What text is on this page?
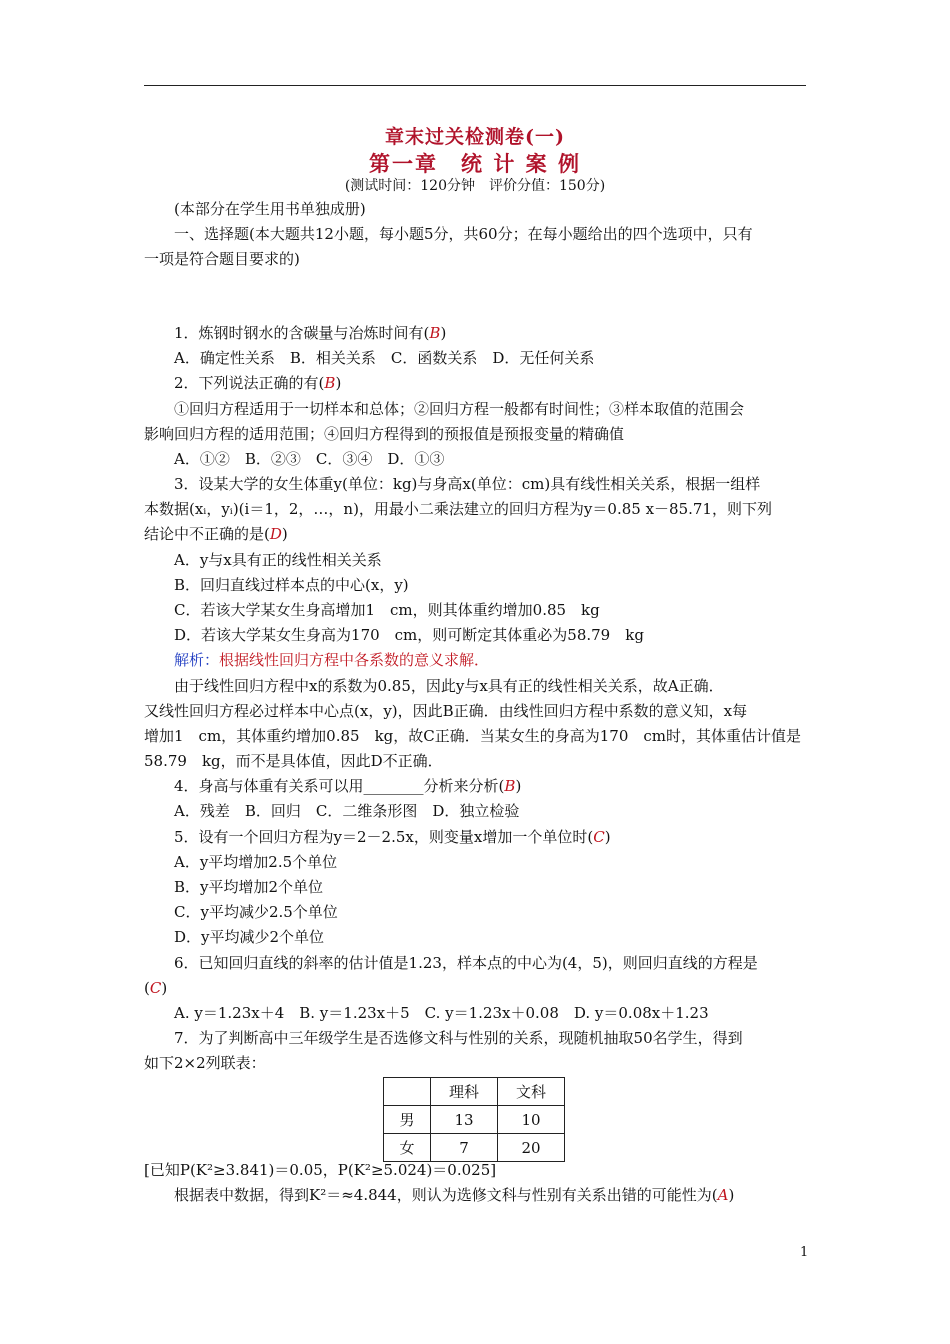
章末过关检测卷(一)
第一章　统 计 案 例
(测试时间：120分钟　评价分值：150分)
(本部分在学生用书单独成册)
一、选择题(本大题共12小题，每小题5分，共60分；在每小题给出的四个选项中，只有
一项是符合题目要求的)
1．炼钢时钢水的含碳量与冶炼时间有(B)
A．确定性关系　B．相关关系　C．函数关系　D．无任何关系
2．下列说法正确的有(B)
①回归方程适用于一切样本和总体；②回归方程一般都有时间性；③样本取值的范围会
影响回归方程的适用范围；④回归方程得到的预报值是预报变量的精确值
A．①②　B．②③　C．③④　D．①③
3．设某大学的女生体重y(单位：kg)与身高x(单位：cm)具有线性相关关系，根据一组样
本数据(xᵢ，yᵢ)(i＝1，2，…，n)，用最小二乘法建立的回归方程为y＝0.85 x－85.71，则下列
结论中不正确的是(D)
A．y与x具有正的线性相关关系
B．回归直线过样本点的中心(x，y)
C．若该大学某女生身高增加1　cm，则其体重约增加0.85　kg
D．若该大学某女生身高为170　cm，则可断定其体重必为58.79　kg
解析：根据线性回归方程中各系数的意义求解．
由于线性回归方程中x的系数为0.85，因此y与x具有正的线性相关关系，故A正确．
又线性回归方程必过样本中心点(x，y)，因此B正确．由线性回归方程中系数的意义知，x每
增加1　cm，其体重约增加0.85　kg，故C正确．当某女生的身高为170　cm时，其体重估计值是
58.79　kg，而不是具体值，因此D不正确．
4．身高与体重有关系可以用________分析来分析(B)
A．残差　B．回归　C．二维条形图　D．独立检验
5．设有一个回归方程为y＝2－2.5x，则变量x增加一个单位时(C)
A．y平均增加2.5个单位
B．y平均增加2个单位
C．y平均减少2.5个单位
D．y平均减少2个单位
6．已知回归直线的斜率的估计值是1.23，样本点的中心为(4，5)，则回归直线的方程是
(C)
A. y＝1.23x＋4　B. y＝1.23x＋5　C. y＝1.23x＋0.08　D. y＝0.08x＋1.23
7．为了判断高中三年级学生是否选修文科与性别的关系，现随机抽取50名学生，得到
如下2×2列联表：
	理科	文科
男	13	10
女	7	20
[已知P(K²≥3.841)＝0.05，P(K²≥5.024)＝0.025]
根据表中数据，得到K²＝≈4.844，则认为选修文科与性别有关系出错的可能性为(A)
1
